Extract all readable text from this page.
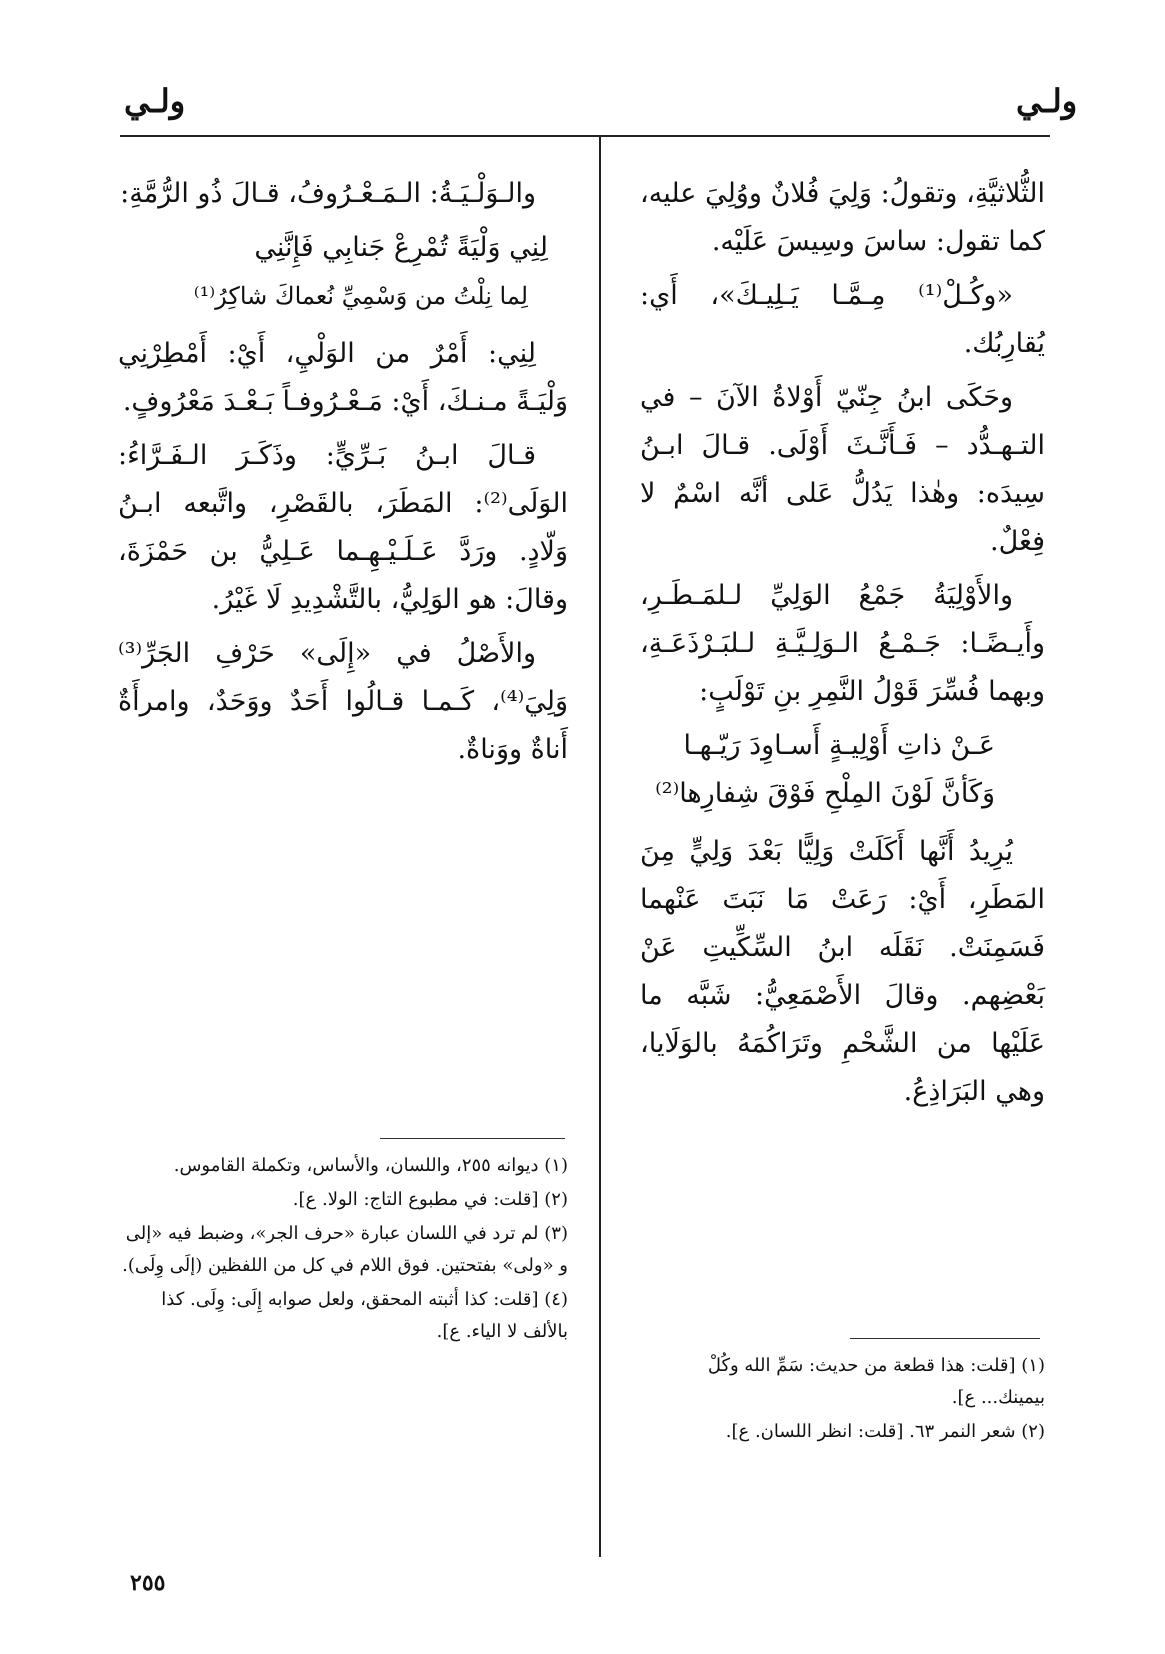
ولـي	ولـي

الثُّلاثيَّةِ، وتقولُ: وَلِيَ فُلانٌ ووُلِيَ عليه، كما تقول: ساسَ وسِيسَ عَلَيْه.

«وكُـلْ⁽¹⁾ مِـمَّـا يَـلِيـكَ»، أَي: يُقارِبُك.

وحَكَى ابنُ جِنّيّ أَوْلاةُ الآنَ – في التـهـدُّد – فَـأَنَّـثَ أَوْلَى. قـالَ ابـنُ سِيدَه: وهٰذا يَدُلُّ عَلى أنَّه اسْمٌ لا فِعْلٌ.

والأَوْلِيَةُ جَمْعُ الوَلِيِّ لـلمَـطَـرِ، وأَيـضًـا: جَـمْـعُ الـوَلِـيَّـةِ لـلبَـرْذَعَـةِ، وبهما فُسِّرَ قَوْلُ النَّمِرِ بنِ تَوْلَبٍ:

عَـنْ ذاتِ أَوْلِيـةٍ أَسـاوِدَ رَيّـهـا
وَكَأنَّ لَوْنَ المِلْحِ فَوْقَ شِفارِها⁽²⁾

يُرِيدُ أَنَّها أَكَلَتْ وَلِيًّا بَعْدَ وَلِيٍّ مِنَ المَطَرِ، أَيْ: رَعَتْ مَا نَبَتَ عَنْهما فَسَمِنَتْ. نَقَلَه ابنُ السِّكِّيتِ عَنْ بَعْضِهم. وقالَ الأَصْمَعِيُّ: شَبَّه ما عَلَيْها من الشَّحْمِ وتَرَاكُمَهُ بالوَلَايا، وهي البَرَاذِعُ.

(١) [قلت: هذا قطعة من حديث: سَمِّ الله وكُلْ بيمينك... ع].

(٢) شعر النمر ٦٣. [قلت: انظر اللسان. ع].

والـوَلْـيَـةُ: الـمَـعْـرُوفُ، قـالَ ذُو الرُّمَّةِ:

لِنِي وَلْيَةً تُمْرِعْ جَنابِي فَإِنَّنِي
لِما نِلْتُ من وَسْمِيِّ نُعماكَ شاكِرُ⁽¹⁾

لِنِي: أَمْرٌ من الوَلْيِ، أَيْ: أَمْطِرْنِي وَلْيَـةً مـنـكَ، أَيْ: مَـعْـرُوفـاً بَـعْـدَ مَعْرُوفٍ.

قـالَ ابـنُ بَـرِّيٍّ: وذَكَـرَ الـفَـرَّاءُ: الوَلَى⁽²⁾: المَطَرَ، بالقَصْرِ، واتَّبعه ابـنُ وَلّادٍ. ورَدَّ عَـلَـيْـهِـما عَـلِيُّ بن حَمْزَةَ، وقالَ: هو الوَلِيُّ، بالتَّشْدِيدِ لَا غَيْرُ.

والأَصْلُ في «إِلَى» حَرْفِ الجَرِّ⁽³⁾ وَلِيَ⁽⁴⁾، كَـمـا قـالُوا أَحَدٌ ووَحَدٌ، وامرأَةٌ أَناةٌ ووَناةٌ.

(١) ديوانه ٢٥٥، واللسان، والأساس، وتكملة القاموس.

(٢) [قلت: في مطبوع التاج: الولا. ع].

(٣) لم ترد في اللسان عبارة «حرف الجر»، وضبط فيه «إلى و «ولى» بفتحتين. فوق اللام في كل من اللفظين (إلَى وِلَى).

(٤) [قلت: كذا أثبته المحقق، ولعل صوابه إِلَى: وِلَى. كذا بالألف لا الياء. ع].

٢٥٥
